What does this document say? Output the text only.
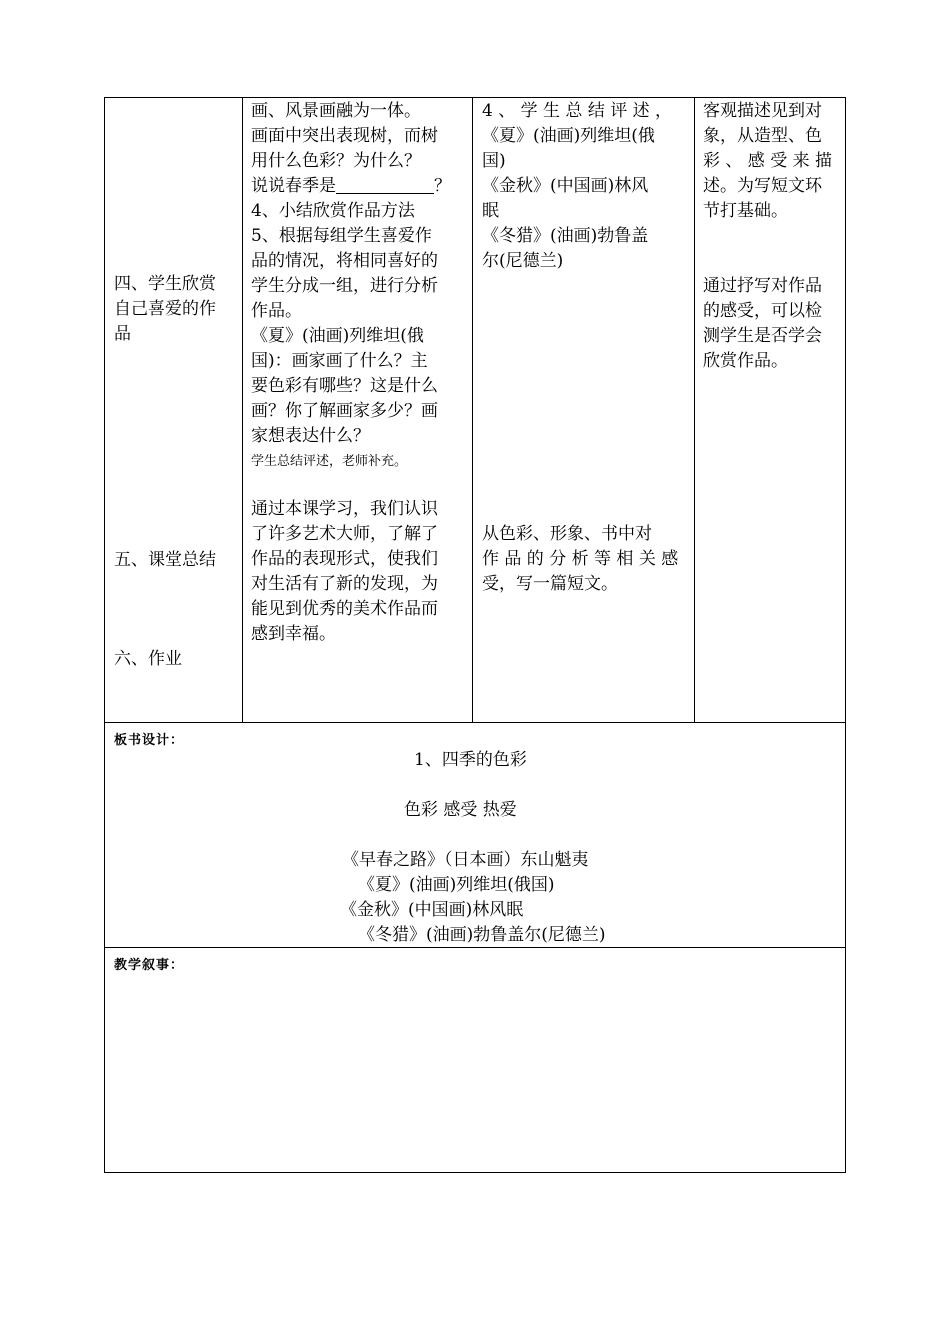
四、学生欣赏
自己喜爱的作
品
五、课堂总结
六、作业
画、风景画融为一体。
画面中突出表现树，而树
用什么色彩？为什么？
说说春季是	？
4、小结欣赏作品方法
5、根据每组学生喜爱作
品的情况，将相同喜好的
学生分成一组，进行分析
作品。
《夏》(油画)列维坦(俄
国)：画家画了什么？主
要色彩有哪些？这是什么
画？你了解画家多少？画
家想表达什么？
学生总结评述，老师补充。
通过本课学习，我们认识
了许多艺术大师，了解了
作品的表现形式，使我们
对生活有了新的发现，为
能见到优秀的美术作品而
感到幸福。
4 、 学 生 总 结 评 述 ，
《夏》(油画)列维坦(俄
国)
《金秋》(中国画)林风
眠
《冬猎》(油画)勃鲁盖
尔(尼德兰)
从色彩、形象、书中对
作 品 的 分 析 等 相 关 感
受，写一篇短文。
客观描述见到对
象，从造型、色
彩 、 感 受 来 描
述。为写短文环
节打基础。
通过抒写对作品
的感受，可以检
测学生是否学会
欣赏作品。
板书设计：
1、四季的色彩
色彩 感受 热爱
《早春之路》（日本画）东山魁夷
《夏》(油画)列维坦(俄国)
《金秋》(中国画)林风眠
《冬猎》(油画)勃鲁盖尔(尼德兰)
教学叙事：
